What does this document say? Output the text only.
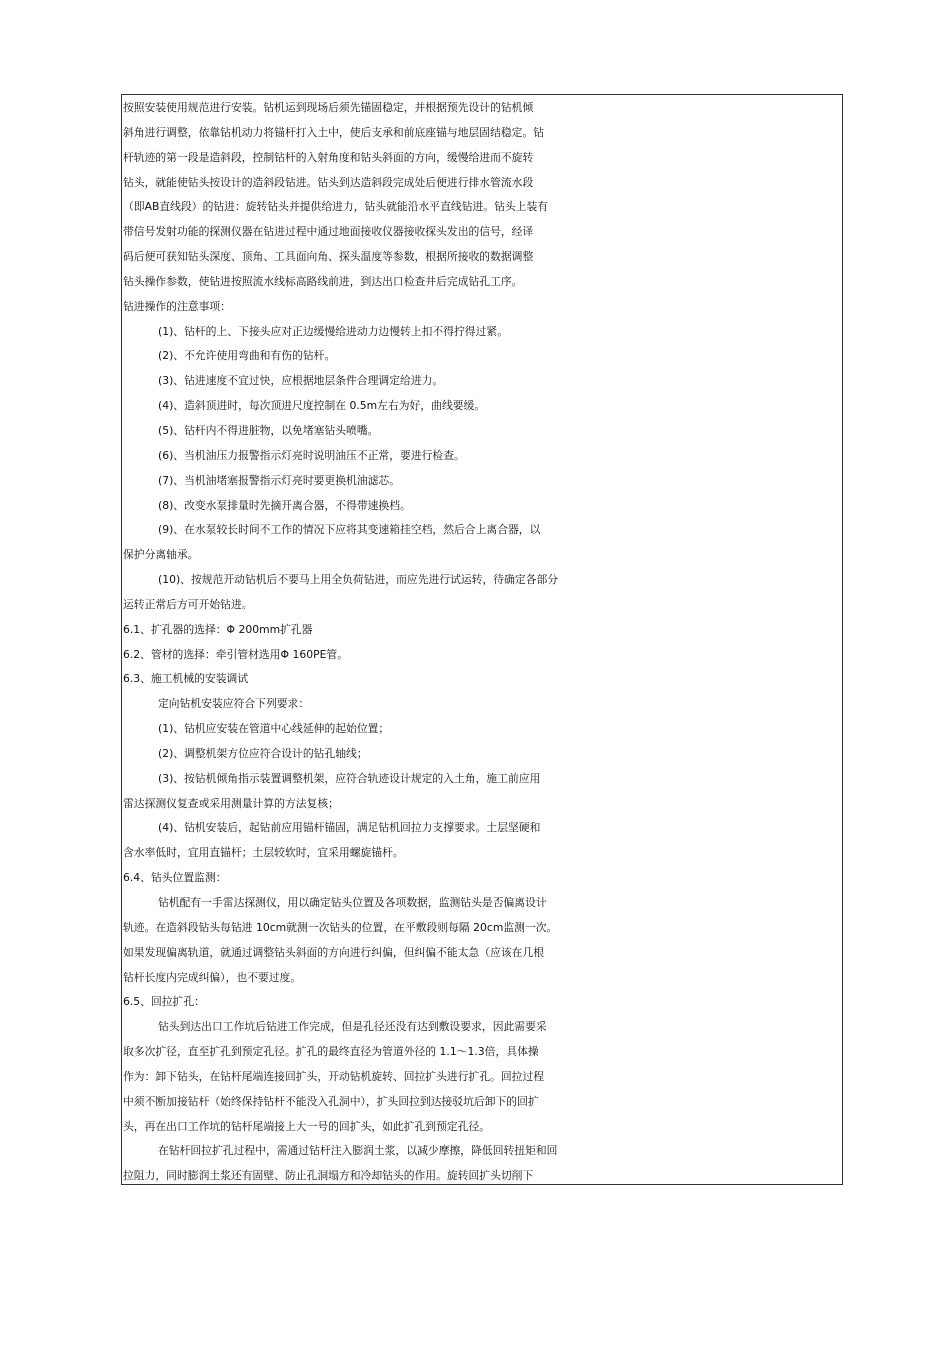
按照安装使用规范进行安装。钻机运到现场后须先锚固稳定，并根据预先设计的钻机倾
斜角进行调整，依靠钻机动力将锚杆打入土中，使后支承和前底座锚与地层固结稳定。钻
杆轨迹的第一段是造斜段，控制钻杆的入射角度和钻头斜面的方向，缓慢给进而不旋转
钻头，就能使钻头按设计的造斜段钻进。钻头到达造斜段完成处后便进行排水管流水段
（即AB直线段）的钻进：旋转钻头并提供给进力，钻头就能沿水平直线钻进。钻头上装有
带信号发射功能的探测仪器在钻进过程中通过地面接收仪器接收探头发出的信号，经译
码后便可获知钻头深度、顶角、工具面向角、探头温度等参数，根据所接收的数据调整
钻头操作参数，使钻进按照流水线标高路线前进，到达出口检查井后完成钻孔工序。
钻进操作的注意事项：
(1)、钻杆的上、下接头应对正边缓慢给进动力边慢转上扣不得拧得过紧。
(2)、不允许使用弯曲和有伤的钻杆。
(3)、钻进速度不宜过快，应根据地层条件合理调定给进力。
(4)、造斜顶进时，每次顶进尺度控制在 0.5m左右为好，曲线要缓。
(5)、钻杆内不得进脏物，以免堵塞钻头喷嘴。
(6)、当机油压力报警指示灯亮时说明油压不正常，要进行检查。
(7)、当机油堵塞报警指示灯亮时要更换机油滤芯。
(8)、改变水泵排量时先摘开离合器，不得带速换档。
(9)、在水泵较长时间不工作的情况下应将其变速箱挂空档，然后合上离合器，以
保护分离轴承。
(10)、按规范开动钻机后不要马上用全负荷钻进，而应先进行试运转，待确定各部分
运转正常后方可开始钻进。
6.1、扩孔器的选择：Φ 200mm扩孔器
6.2、管材的选择：牵引管材选用Φ 160PE管。
6.3、施工机械的安装调试
定向钻机安装应符合下列要求：
(1)、钻机应安装在管道中心线延伸的起始位置；
(2)、调整机架方位应符合设计的钻孔轴线；
(3)、按钻机倾角指示装置调整机架，应符合轨迹设计规定的入土角，施工前应用
雷达探测仪复查或采用测量计算的方法复核；
(4)、钻机安装后，起钻前应用锚杆锚固，满足钻机回拉力支撑要求。土层坚硬和
含水率低时，宜用直锚杆；土层较软时，宜采用螺旋锚杆。
6.4、钻头位置监测：
钻机配有一手雷达探测仪，用以确定钻头位置及各项数据，监测钻头是否偏离设计
轨迹。在造斜段钻头每钻进 10cm就测一次钻头的位置，在平敷段则每隔 20cm监测一次。
如果发现偏离轨道，就通过调整钻头斜面的方向进行纠偏，但纠偏不能太急（应该在几根
钻杆长度内完成纠偏），也不要过度。
6.5、回拉扩孔：
钻头到达出口工作坑后钻进工作完成，但是孔径还没有达到敷设要求，因此需要采
取多次扩径，直至扩孔到预定孔径。扩孔的最终直径为管道外径的 1.1～1.3倍，具体操
作为：卸下钻头，在钻杆尾端连接回扩头，开动钻机旋转、回拉扩头进行扩孔。回拉过程
中须不断加接钻杆（始终保持钻杆不能没入孔洞中），扩头回拉到达接驳坑后卸下的回扩
头，再在出口工作坑的钻杆尾端接上大一号的回扩头，如此扩孔到预定孔径。
在钻杆回拉扩孔过程中，需通过钻杆注入膨润土浆，以减少摩擦，降低回转扭矩和回
拉阻力，同时膨润土浆还有固壁、防止孔洞塌方和冷却钻头的作用。旋转回扩头切削下
